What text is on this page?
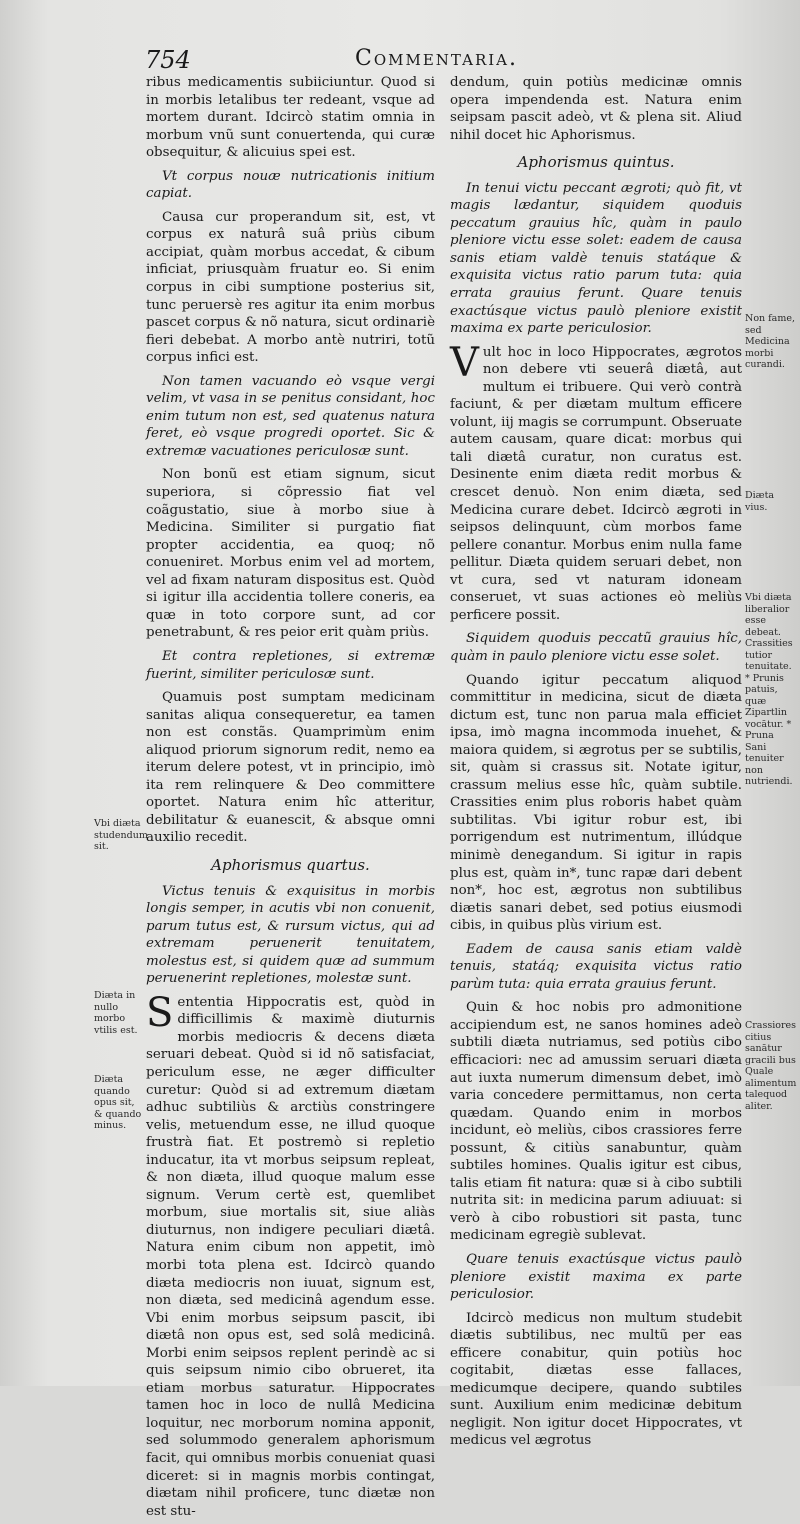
754	Commentaria.

ribus medicamentis subiiciuntur. Quod si in morbis letalibus ter redeant, vsque ad mortem durant. Idcircò statim omnia in morbum vnũ sunt conuertenda, qui curæ obsequitur, & alicuius spei est.

Vt corpus nouæ nutricationis initium capiat.

Causa cur properandum sit, est, vt corpus ex naturâ suâ priùs cibum accipiat, quàm morbus accedat, & cibum inficiat, priusquàm fruatur eo. Si enim corpus in cibi sumptione posterius sit, tunc peruersè res agitur ita enim morbus pascet corpus & nõ natura, sicut ordinariè fieri debebat. A morbo antè nutriri, totũ corpus infici est.

Non tamen vacuando eò vsque vergi velim, vt vasa in se penitus considant, hoc enim tutum non est, sed quatenus natura feret, eò vsque progredi oportet. Sic & extremæ vacuationes periculosæ sunt.

Non bonũ est etiam signum, sicut superiora, si cõpressio fiat vel coãgustatio, siue à morbo siue à Medicina. Similiter si purgatio fiat propter accidentia, ea quoq; nõ conueniret. Morbus enim vel ad mortem, vel ad fixam naturam dispositus est. Quòd si igitur illa accidentia tollere coneris, ea quæ in toto corpore sunt, ad cor penetrabunt, & res peior erit quàm priùs.

Et contra repletiones, si extremæ fuerint, similiter periculosæ sunt.

Quamuis post sumptam medicinam sanitas aliqua consequeretur, ea tamen non est constãs. Quamprimùm enim aliquod priorum signorum redit, nemo ea iterum delere potest, vt in principio, imò ita rem relinquere & Deo committere oportet. Natura enim hîc atteritur, debilitatur & euanescit, & absque omni auxilio recedit.

Aphorismus quartus.

Victus tenuis & exquisitus in morbis longis semper, in acutis vbi non conuenit, parum tutus est, & rursum victus, qui ad extremam peruenerit tenuitatem, molestus est, si quidem quæ ad summum peruenerint repletiones, molestæ sunt.

Sententia Hippocratis est, quòd in difficillimis & maximè diuturnis morbis mediocris & decens diæta seruari debeat. Quòd si id nõ satisfaciat, periculum esse, ne æger difficulter curetur: Quòd si ad extremum diætam adhuc subtiliùs & arctiùs constringere velis, metuendum esse, ne illud quoque frustrà fiat. Et postremò si repletio inducatur, ita vt morbus seipsum repleat, & non diæta, illud quoque malum esse signum. Verum certè est, quemlibet morbum, siue mortalis sit, siue aliàs diuturnus, non indigere peculiari diætâ. Natura enim cibum non appetit, imò morbi tota plena est. Idcircò quando diæta mediocris non iuuat, signum est, non diæta, sed medicinâ agendum esse. Vbi enim morbus seipsum pascit, ibi diætâ non opus est, sed solâ medicinâ. Morbi enim seipsos replent perindè ac si quis seipsum nimio cibo obrueret, ita etiam morbus saturatur. Hippocrates tamen hoc in loco de nullâ Medicina loquitur, nec morborum nomina apponit, sed solummodo generalem aphorismum facit, qui omnibus morbis conueniat quasi diceret: si in magnis morbis contingat, diætam nihil proficere, tunc diætæ non est stu-

dendum, quin potiùs medicinæ omnis opera impendenda est. Natura enim seipsam pascit adeò, vt & plena sit. Aliud nihil docet hic Aphorismus.

Aphorismus quintus.

In tenui victu peccant ægroti; quò fit, vt magis lædantur, siquidem quoduis peccatum grauius hîc, quàm in paulo pleniore victu esse solet: eadem de causa sanis etiam valdè tenuis statáque & exquisita victus ratio parum tuta: quia errata grauius ferunt. Quare tenuis exactúsque victus paulò pleniore existit maxima ex parte periculosior.

Vult hoc in loco Hippocrates, ægrotos non debere vti seuerâ diætâ, aut multum ei tribuere. Qui verò contrà faciunt, & per diætam multum efficere volunt, iij magis se corrumpunt. Obseruate autem causam, quare dicat: morbus qui tali diætâ curatur, non curatus est. Desinente enim diæta redit morbus & crescet denuò. Non enim diæta, sed Medicina curare debet. Idcircò ægroti in seipsos delinquunt, cùm morbos fame pellere conantur. Morbus enim nulla fame pellitur. Diæta quidem seruari debet, non vt cura, sed vt naturam idoneam conseruet, vt suas actiones eò meliùs perficere possit.

Siquidem quoduis peccatũ grauius hîc, quàm in paulo pleniore victu esse solet.

Quando igitur peccatum aliquod committitur in medicina, sicut de diæta dictum est, tunc non parua mala efficiet ipsa, imò magna incommoda inuehet, & maiora quidem, si ægrotus per se subtilis, sit, quàm si crassus sit. Notate igitur, crassum melius esse hîc, quàm subtile. Crassities enim plus roboris habet quàm subtilitas. Vbi igitur robur est, ibi porrigendum est nutrimentum, illúdque minimè denegandum. Si igitur in rapis plus est, quàm in*, tunc rapæ dari debent non*, hoc est, ægrotus non subtilibus diætis sanari debet, sed potius eiusmodi cibis, in quibus plùs virium est.

Eadem de causa sanis etiam valdè tenuis, statáq; exquisita victus ratio parùm tuta: quia errata grauius ferunt.

Quin & hoc nobis pro admonitione accipiendum est, ne sanos homines adeò subtili diæta nutriamus, sed potiùs cibo efficaciori: nec ad amussim seruari diæta aut iuxta numerum dimensum debet, imò varia concedere permittamus, non certa quædam. Quando enim in morbos incidunt, eò meliùs, cibos crassiores ferre possunt, & citiùs sanabuntur, quàm subtiles homines. Qualis igitur est cibus, talis etiam fit natura: quæ si à cibo subtili nutrita sit: in medicina parum adiuuat: si verò à cibo robustiori sit pasta, tunc medicinam egregiè sublevat.

Quare tenuis exactúsque victus paulò pleniore existit maxima ex parte periculosior.

Idcircò medicus non multum studebit diætis subtilibus, nec multũ per eas efficere conabitur, quin potiùs hoc cogitabit, diætas esse fallaces, medicumque decipere, quando subtiles sunt. Auxilium enim medicinæ debitum negligit. Non igitur docet Hippocrates, vt medicus vel ægrotus

Vbi diæta studendum sit.
Diæta in nullo morbo vtilis est.
Diæta quando opus sit, & quando minus.
Non fame, sed Medicina morbi curandi.
Diæta vius.
Vbi diæta liberalior esse debeat. Crassities tutior tenuitate. * Prunis patuis, quæ Zipartlin vocātur. * Pruna Sani tenuiter non nutriendi.
Crassiores citius sanātur gracili bus Quale alimentum talequod aliter.
